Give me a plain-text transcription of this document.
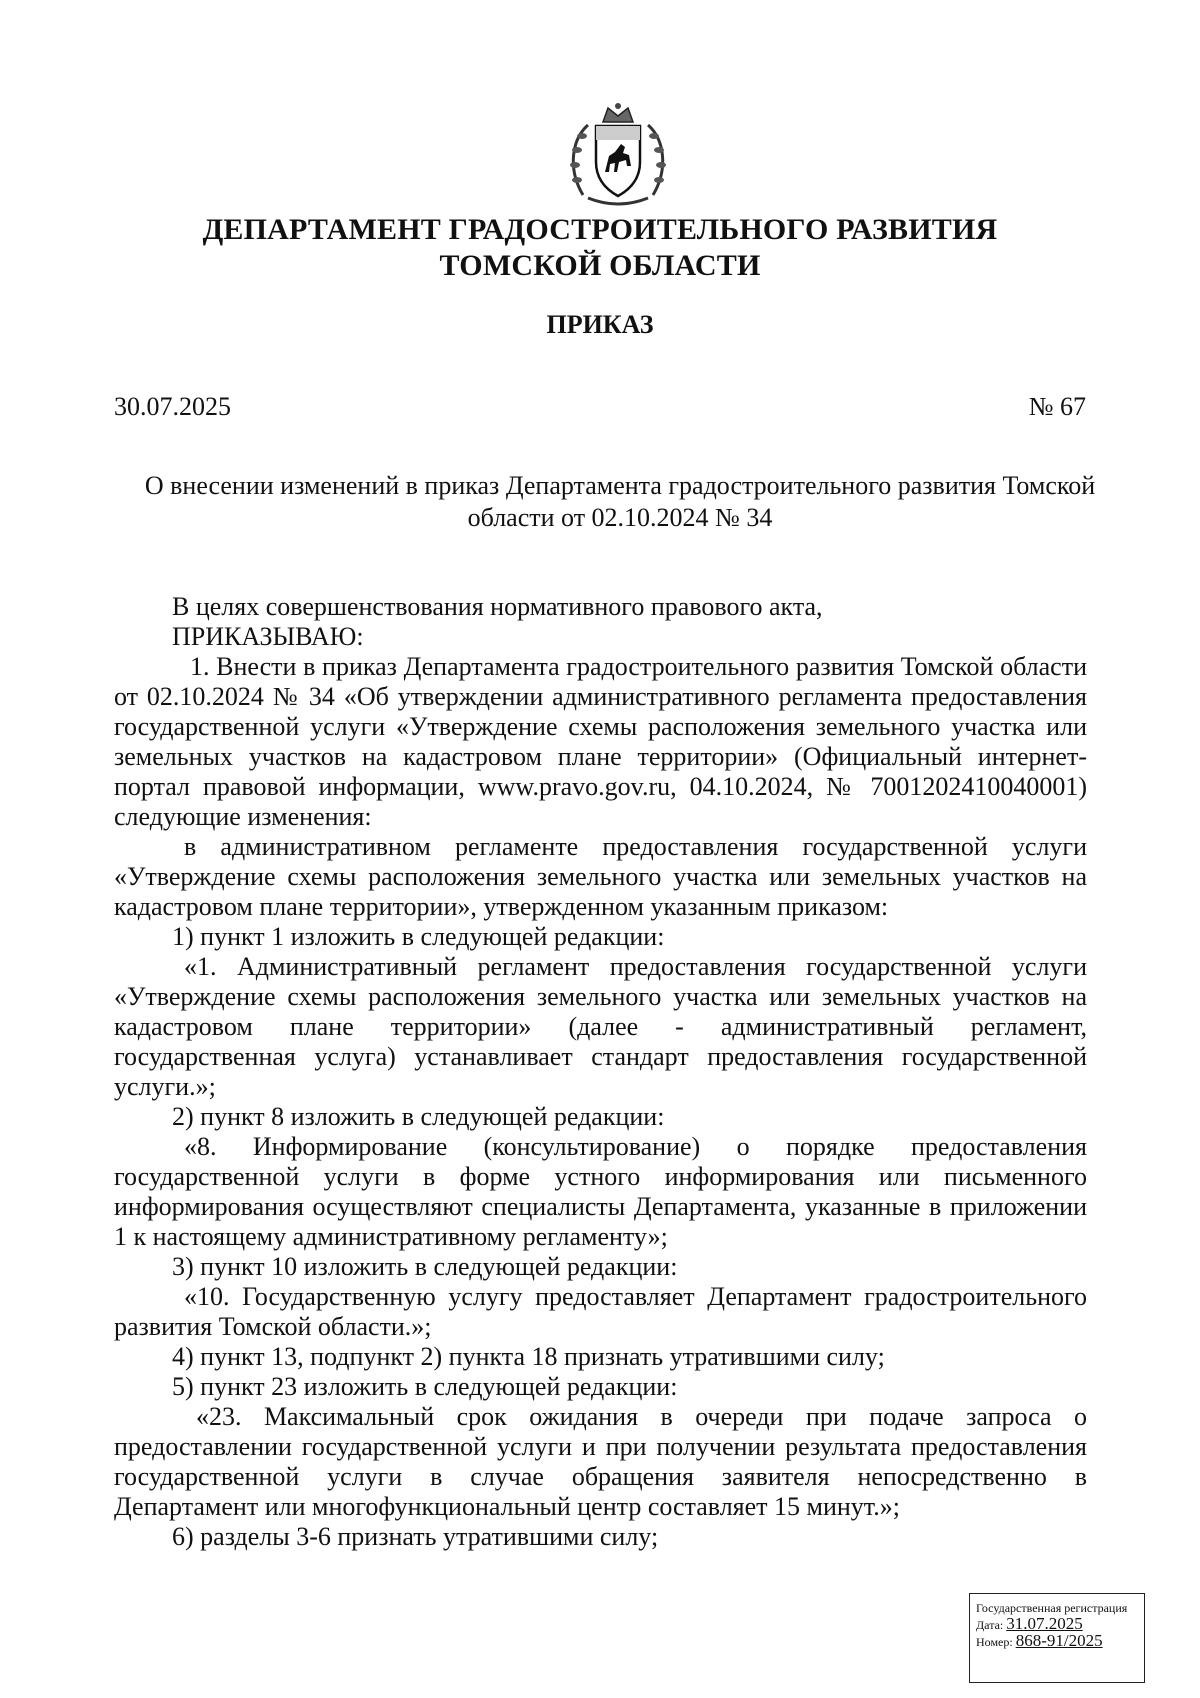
ДЕПАРТАМЕНТ ГРАДОСТРОИТЕЛЬНОГО РАЗВИТИЯ
ТОМСКОЙ ОБЛАСТИ
ПРИКАЗ
30.07.2025	№ 67
О внесении изменений в приказ Департамента градостроительного развития Томской области от 02.10.2024 № 34

В целях совершенствования нормативного правового акта,

ПРИКАЗЫВАЮ:

1. Внести в приказ Департамента градостроительного развития Томской области от 02.10.2024 № 34 «Об утверждении административного регламента предоставления государственной услуги «Утверждение схемы расположения земельного участка или земельных участков на кадастровом плане территории» (Официальный интернет-портал правовой информации, www.pravo.gov.ru, 04.10.2024, № 7001202410040001) следующие изменения:

в административном регламенте предоставления государственной услуги «Утверждение схемы расположения земельного участка или земельных участков на кадастровом плане территории», утвержденном указанным приказом:

1) пункт 1 изложить в следующей редакции:

«1. Административный регламент предоставления государственной услуги «Утверждение схемы расположения земельного участка или земельных участков на кадастровом плане территории» (далее - административный регламент, государственная услуга) устанавливает стандарт предоставления государственной услуги.»;

2) пункт 8 изложить в следующей редакции:

«8. Информирование (консультирование) о порядке предоставления государственной услуги в форме устного информирования или письменного информирования осуществляют специалисты Департамента, указанные в приложении 1 к настоящему административному регламенту»;

3) пункт 10 изложить в следующей редакции:

«10. Государственную услугу предоставляет Департамент градостроительного развития Томской области.»;

4) пункт 13, подпункт 2) пункта 18 признать утратившими силу;

5) пункт 23 изложить в следующей редакции:

«23. Максимальный срок ожидания в очереди при подаче запроса о предоставлении государственной услуги и при получении результата предоставления государственной услуги в случае обращения заявителя непосредственно в Департамент или многофункциональный центр составляет 15 минут.»;

6) разделы 3-6 признать утратившими силу;

Государственная регистрация
Дата: 31.07.2025
Номер: 868-91/2025
